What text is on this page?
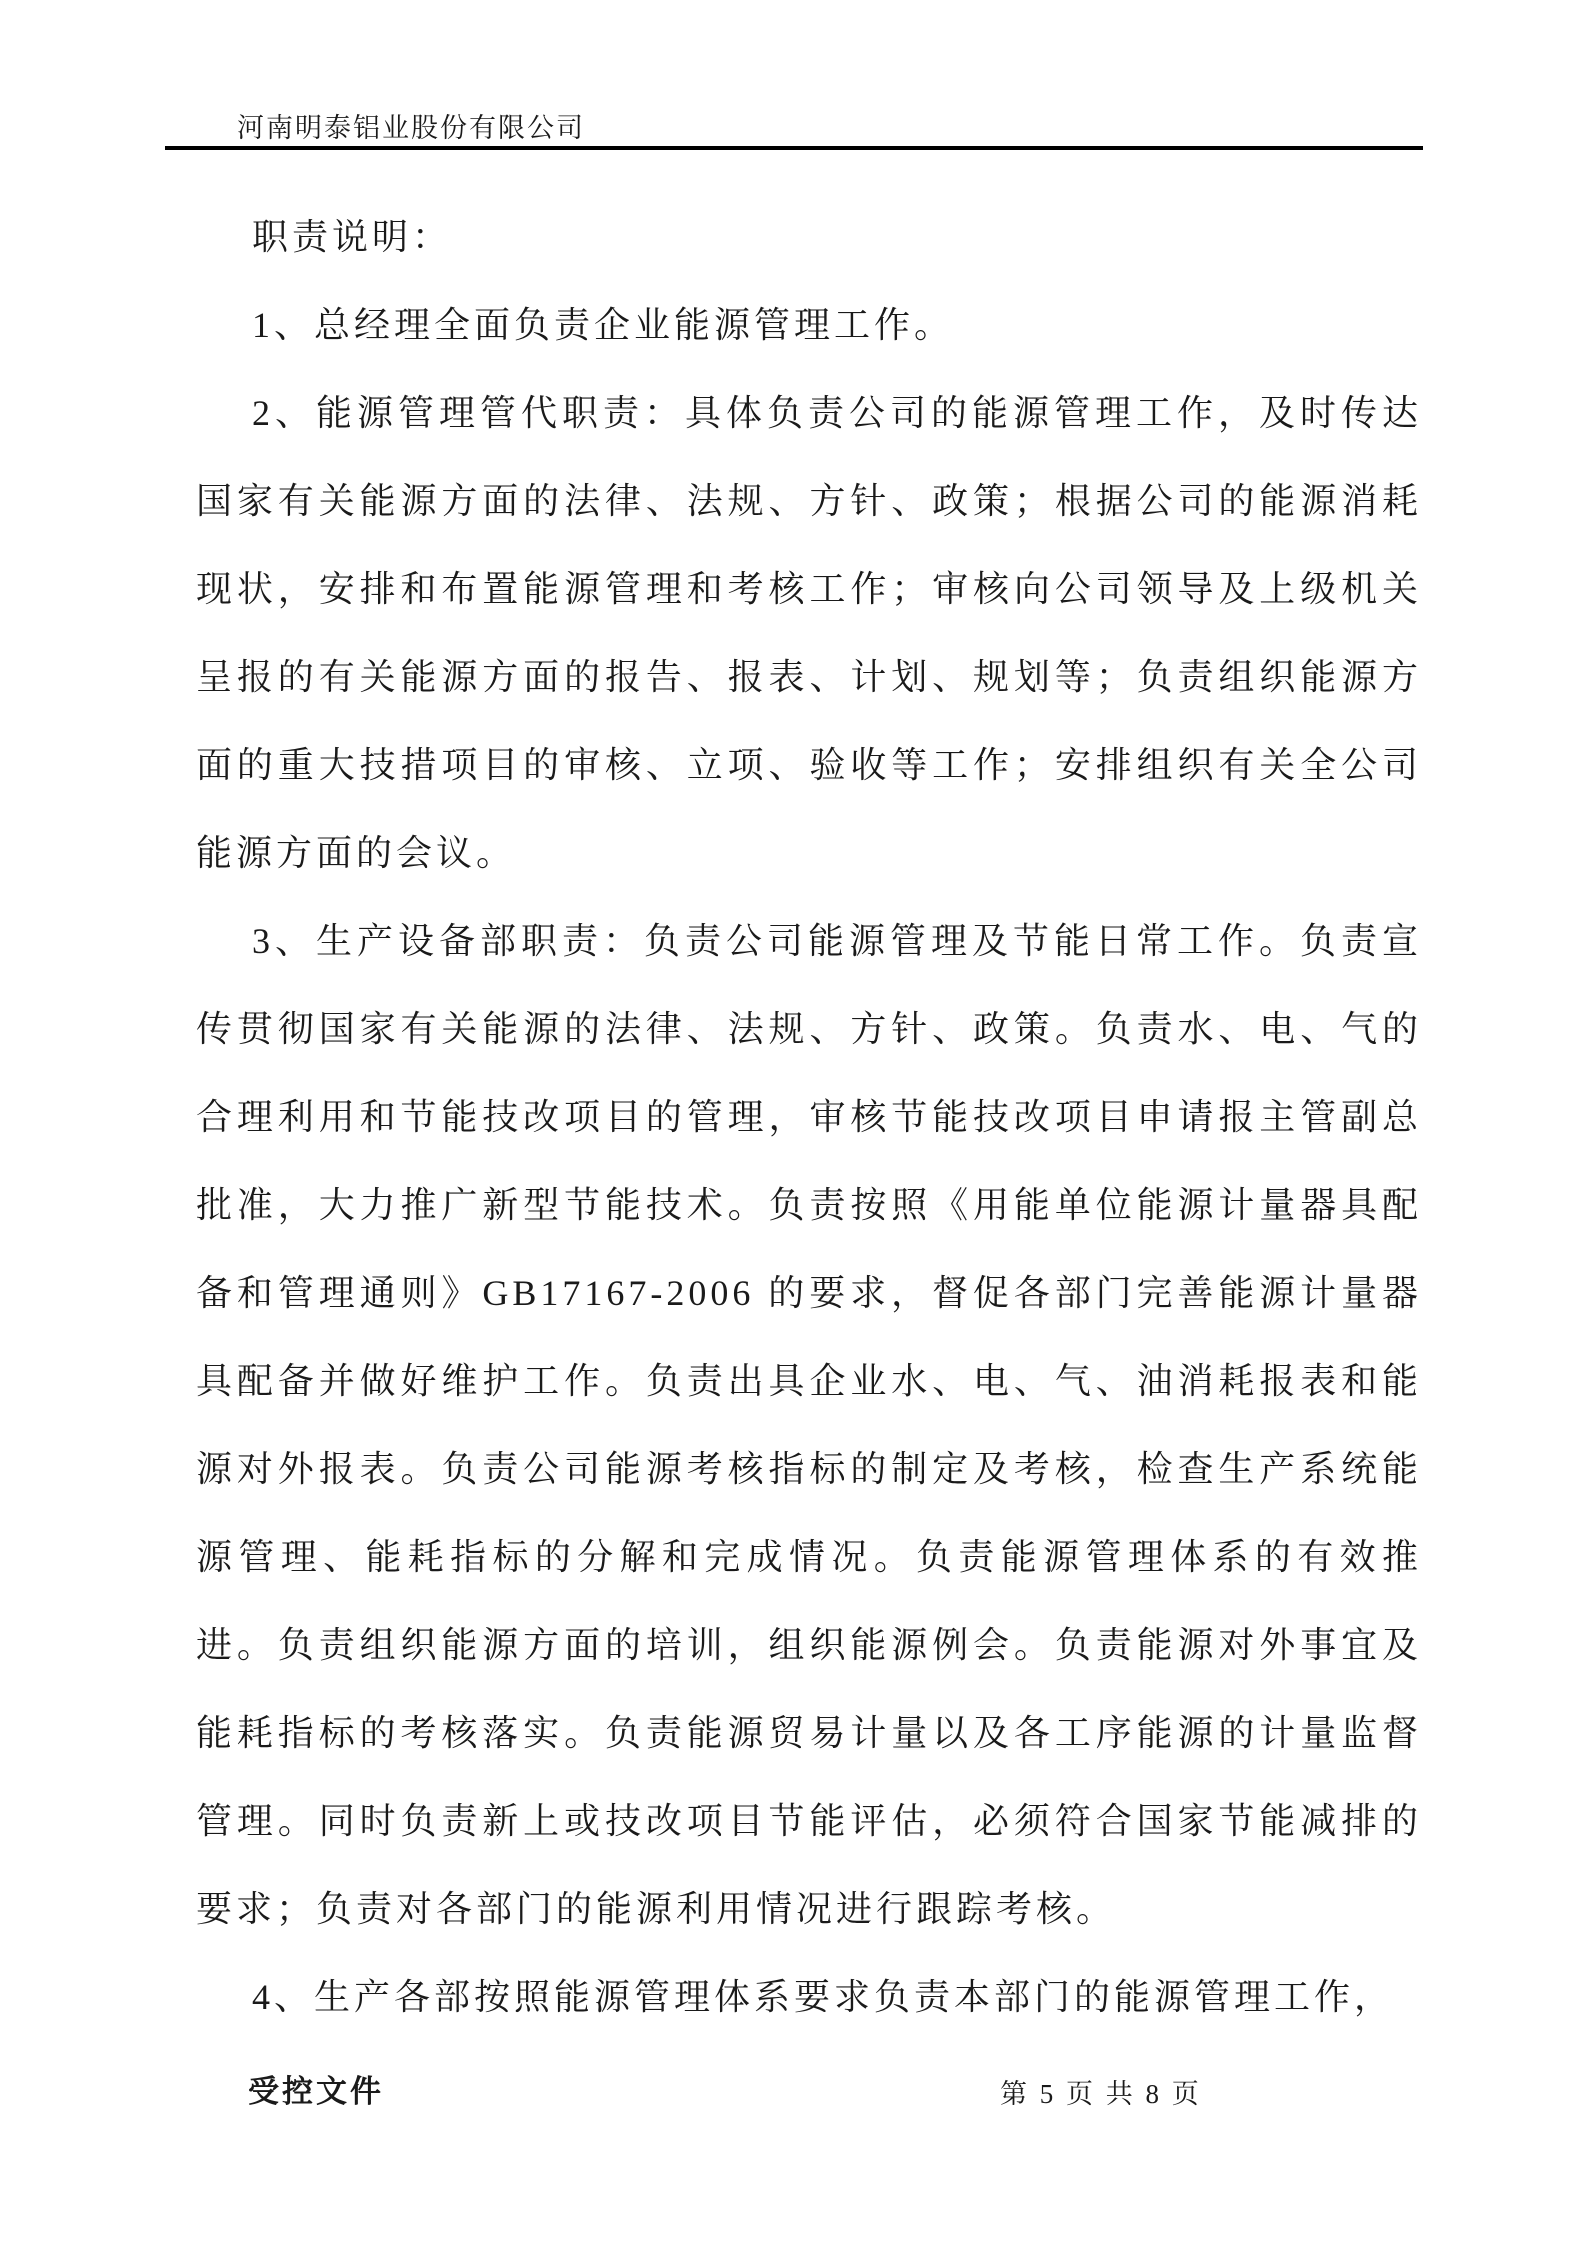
河南明泰铝业股份有限公司

职责说明：

1、总经理全面负责企业能源管理工作。

2、能源管理管代职责：具体负责公司的能源管理工作，及时传达国家有关能源方面的法律、法规、方针、政策；根据公司的能源消耗现状，安排和布置能源管理和考核工作；审核向公司领导及上级机关呈报的有关能源方面的报告、报表、计划、规划等；负责组织能源方面的重大技措项目的审核、立项、验收等工作；安排组织有关全公司能源方面的会议。

3、生产设备部职责：负责公司能源管理及节能日常工作。负责宣传贯彻国家有关能源的法律、法规、方针、政策。负责水、电、气的合理利用和节能技改项目的管理，审核节能技改项目申请报主管副总批准，大力推广新型节能技术。负责按照《用能单位能源计量器具配备和管理通则》GB17167-2006 的要求，督促各部门完善能源计量器具配备并做好维护工作。负责出具企业水、电、气、油消耗报表和能源对外报表。负责公司能源考核指标的制定及考核，检查生产系统能源管理、能耗指标的分解和完成情况。负责能源管理体系的有效推进。负责组织能源方面的培训，组织能源例会。负责能源对外事宜及能耗指标的考核落实。负责能源贸易计量以及各工序能源的计量监督管理。同时负责新上或技改项目节能评估，必须符合国家节能减排的要求；负责对各部门的能源利用情况进行跟踪考核。

4、生产各部按照能源管理体系要求负责本部门的能源管理工作，

受控文件	第 5 页 共 8 页
